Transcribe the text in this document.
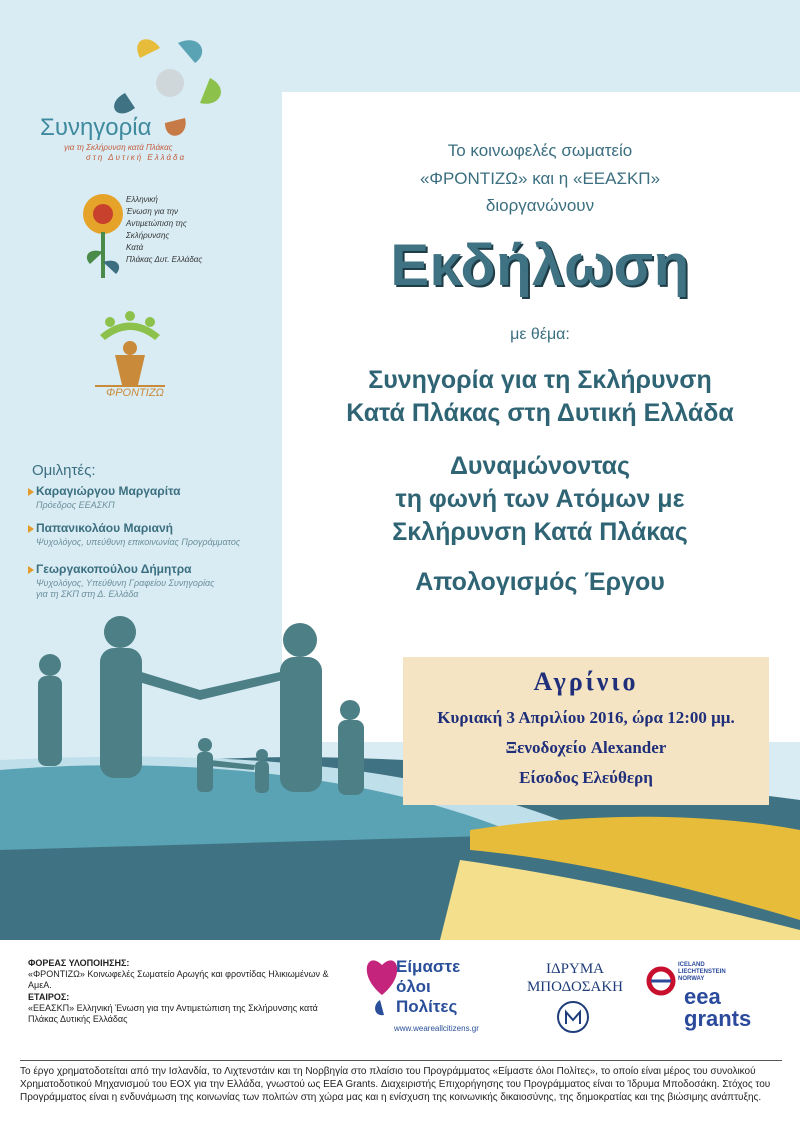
Συνηγορία
για τη Σκλήρυνση κατά Πλάκας
στη Δυτική Ελλάδα
Ελληνική
Ένωση για την
Αντιμετώπιση της
Σκλήρυνσης
Κατά
Πλάκας Δυτ. Ελλάδας
ΦΡΟΝΤΙΖΩ
Το κοινωφελές σωματείο
«ΦΡΟΝΤΙΖΩ» και η «ΕΕΑΣΚΠ»
διοργανώνουν
Εκδήλωση
με θέμα:
Συνηγορία για τη Σκλήρυνση
Κατά Πλάκας στη Δυτική Ελλάδα
Δυναμώνοντας
τη φωνή των Ατόμων με
Σκλήρυνση Κατά Πλάκας
Απολογισμός Έργου
Ομιλητές:
Καραγιώργου Μαργαρίτα
Πρόεδρος ΕΕΑΣΚΠ
Παπανικολάου Μαριανή
Ψυχολόγος, υπεύθυνη επικοινωνίας Προγράμματος
Γεωργακοπούλου Δήμητρα
Ψυχολόγος, Υπεύθυνη Γραφείου Συνηγορίας
για τη ΣΚΠ στη Δ. Ελλάδα
Αγρίνιο
Κυριακή 3 Απριλίου 2016, ώρα 12:00 μμ.
Ξενοδοχείο Alexander
Είσοδος Ελεύθερη
ΦΟΡΕΑΣ ΥΛΟΠΟΙΗΣΗΣ:
«ΦΡΟΝΤΙΖΩ» Κοινωφελές Σωματείο Αρωγής και φροντίδας Ηλικιωμένων & ΑμεΑ.
ΕΤΑΙΡΟΣ:
«ΕΕΑΣΚΠ» Ελληνική Ένωση για την Αντιμετώπιση της Σκλήρυνσης κατά Πλάκας Δυτικής Ελλάδας
Είμαστε
όλοι
Πολίτες
www.weareallcitizens.gr
ΙΔΡΥΜΑ
ΜΠΟΔΟΣΑΚΗ
ICELAND LIECHTENSTEIN NORWAY
eea
grants
Το έργο χρηματοδοτείται από την Ισλανδία, το Λιχτενστάιν και τη Νορβηγία στο πλαίσιο του Προγράμματος «Είμαστε όλοι Πολίτες», το οποίο είναι μέρος του συνολικού Χρηματοδοτικού Μηχανισμού του ΕΟΧ για την Ελλάδα, γνωστού ως EEA Grants. Διαχειριστής Επιχορήγησης του Προγράμματος είναι το Ίδρυμα Μποδοσάκη. Στόχος του Προγράμματος είναι η ενδυνάμωση της κοινωνίας των πολιτών στη χώρα μας και η ενίσχυση της κοινωνικής δικαιοσύνης, της δημοκρατίας και της βιώσιμης ανάπτυξης.
